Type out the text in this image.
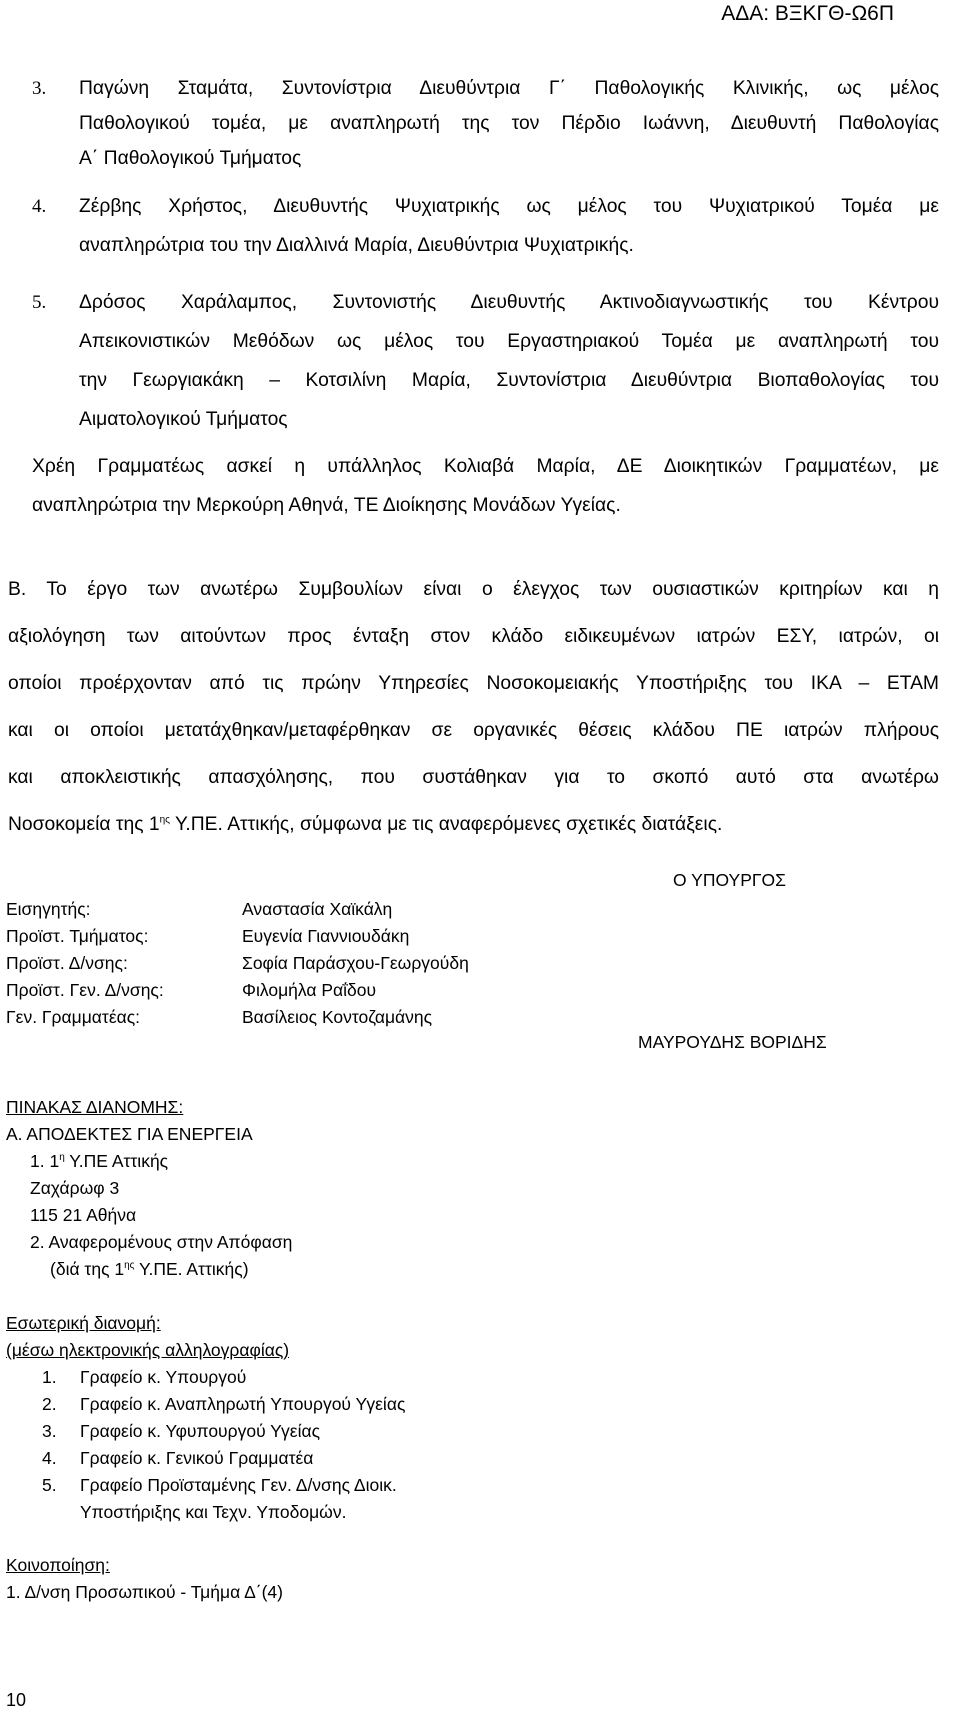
ΑΔΑ: ΒΞΚΓΘ-Ω6Π
3. Παγώνη Σταμάτα, Συντονίστρια Διευθύντρια Γ΄ Παθολογικής Κλινικής, ως μέλος
Παθολογικού τομέα, με αναπληρωτή της τον Πέρδιο Ιωάννη, Διευθυντή Παθολογίας
Α΄ Παθολογικού Τμήματος
4. Ζέρβης Χρήστος, Διευθυντής Ψυχιατρικής ως μέλος του Ψυχιατρικού Τομέα με
αναπληρώτρια του την Διαλλινά Μαρία, Διευθύντρια Ψυχιατρικής.
5. Δρόσος Χαράλαμπος, Συντονιστής Διευθυντής Ακτινοδιαγνωστικής του Κέντρου
Απεικονιστικών Μεθόδων ως μέλος του Εργαστηριακού Τομέα με αναπληρωτή του
την Γεωργιακάκη – Κοτσιλίνη Μαρία, Συντονίστρια Διευθύντρια Βιοπαθολογίας του
Αιματολογικού Τμήματος
Χρέη Γραμματέως ασκεί η υπάλληλος Κολιαβά Μαρία, ΔΕ Διοικητικών Γραμματέων, με
αναπληρώτρια την Μερκούρη Αθηνά, ΤΕ Διοίκησης Μονάδων Υγείας.
Β. Το έργο των ανωτέρω Συμβουλίων είναι ο έλεγχος των ουσιαστικών κριτηρίων και η
αξιολόγηση των αιτούντων προς ένταξη στον κλάδο ειδικευμένων ιατρών ΕΣΥ, ιατρών, οι
οποίοι προέρχονταν από τις πρώην Υπηρεσίες Νοσοκομειακής Υποστήριξης του ΙΚΑ – ΕΤΑΜ
και οι οποίοι μετατάχθηκαν/μεταφέρθηκαν σε οργανικές θέσεις κλάδου ΠΕ ιατρών πλήρους
και αποκλειστικής απασχόλησης, που συστάθηκαν για το σκοπό αυτό στα ανωτέρω
Νοσοκομεία της $1^{\eta\varsigma}$ Υ.ΠΕ. Αττικής, σύμφωνα με τις αναφερόμενες σχετικές διατάξεις.
Ο ΥΠΟΥΡΓΟΣ
Εισηγητής:	Αναστασία Χαϊκάλη
Προϊστ. Τμήματος:	Ευγενία Γιαννιουδάκη
Προϊστ. Δ/νσης:	Σοφία Παράσχου-Γεωργούδη
Προϊστ. Γεν. Δ/νσης:	Φιλομήλα Ραΐδου
Γεν. Γραμματέας:	Βασίλειος Κοντοζαμάνης
ΜΑΥΡΟΥΔΗΣ ΒΟΡΙΔΗΣ
ΠΙΝΑΚΑΣ ΔΙΑΝΟΜΗΣ:
Α. ΑΠΟΔΕΚΤΕΣ ΓΙΑ ΕΝΕΡΓΕΙΑ
1. $1^\eta$ Υ.ΠΕ Αττικής
Ζαχάρωφ 3
115 21 Αθήνα
2. Αναφερομένους στην Απόφαση
(διά της $1^{\eta\varsigma}$ Υ.ΠΕ. Αττικής)
Εσωτερική διανομή:
(μέσω ηλεκτρονικής αλληλογραφίας)
1. Γραφείο κ. Υπουργού
2. Γραφείο κ. Αναπληρωτή Υπουργού Υγείας
3. Γραφείο κ. Υφυπουργού Υγείας
4. Γραφείο κ. Γενικού Γραμματέα
5. Γραφείο Προϊσταμένης Γεν. Δ/νσης Διοικ.
Υποστήριξης και Τεχν. Υποδομών.
Κοινοποίηση:
1. Δ/νση Προσωπικού - Τμήμα Δ΄(4)
10
